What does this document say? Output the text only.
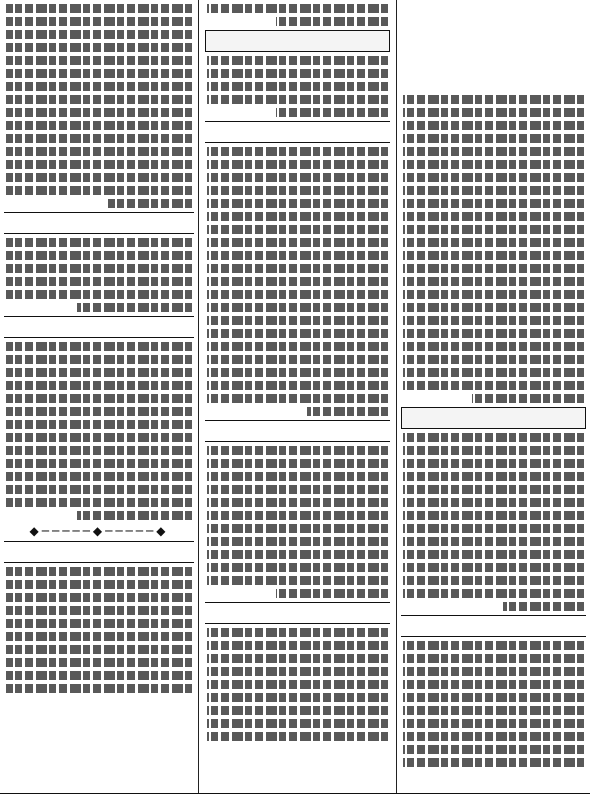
◆─────◆─────◆
